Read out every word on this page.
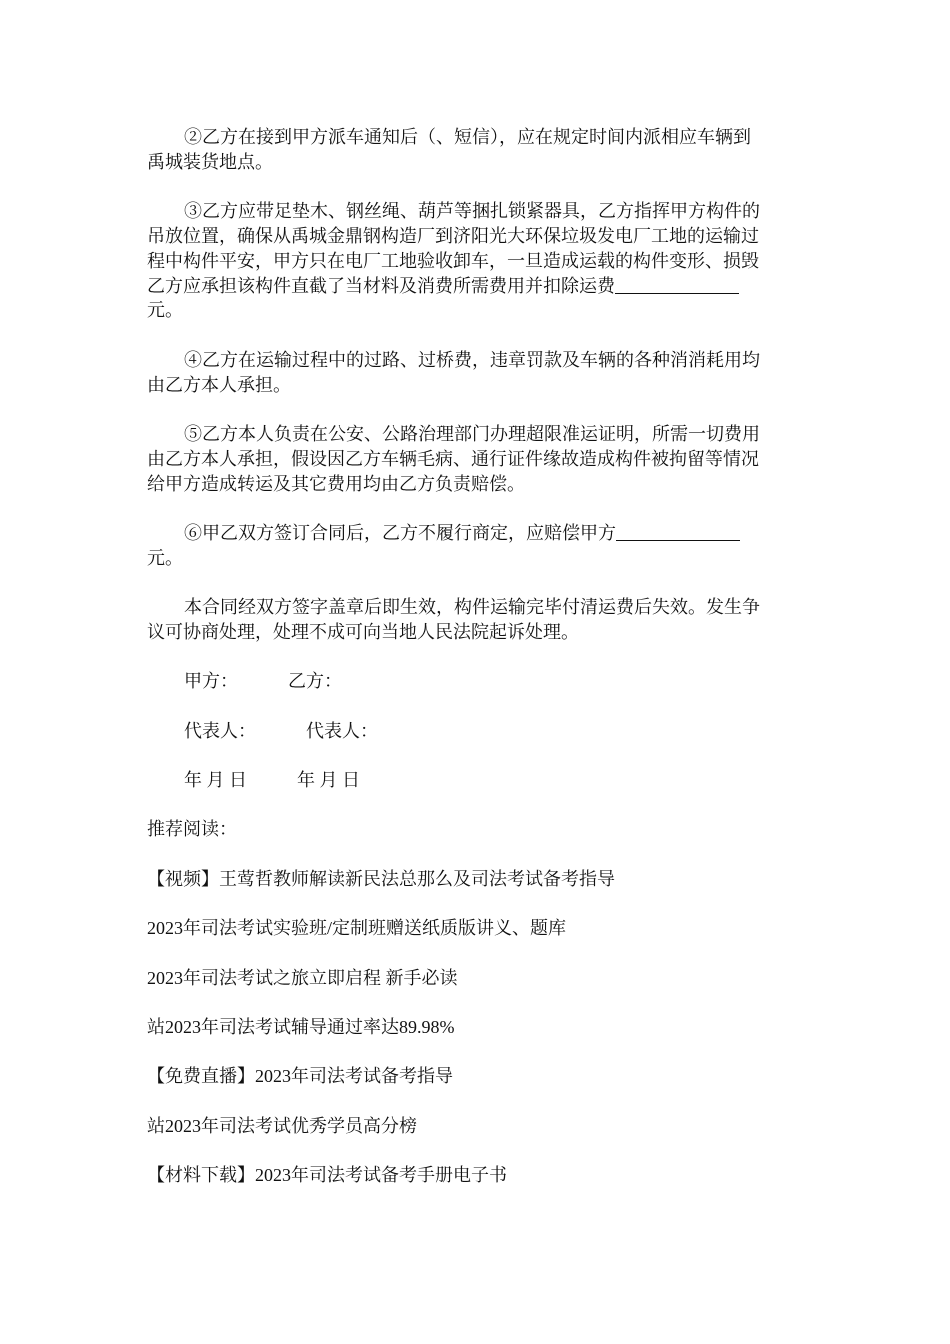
②乙方在接到甲方派车通知后（、短信），应在规定时间内派相应车辆到
禹城装货地点。
③乙方应带足垫木、钢丝绳、葫芦等捆扎锁紧器具，乙方指挥甲方构件的
吊放位置，确保从禹城金鼎钢构造厂到济阳光大环保垃圾发电厂工地的运输过
程中构件平安，甲方只在电厂工地验收卸车，一旦造成运载的构件变形、损毁
乙方应承担该构件直截了当材料及消费所需费用并扣除运费
元。
④乙方在运输过程中的过路、过桥费，违章罚款及车辆的各种消消耗用均
由乙方本人承担。
⑤乙方本人负责在公安、公路治理部门办理超限准运证明，所需一切费用
由乙方本人承担，假设因乙方车辆毛病、通行证件缘故造成构件被拘留等情况
给甲方造成转运及其它费用均由乙方负责赔偿。
⑥甲乙双方签订合同后，乙方不履行商定，应赔偿甲方
元。
本合同经双方签字盖章后即生效，构件运输完毕付清运费后失效。发生争
议可协商处理，处理不成可向当地人民法院起诉处理。
甲方：	乙方：
代表人：	代表人：
年 月 日	年 月 日
推荐阅读：
【视频】王莺哲教师解读新民法总那么及司法考试备考指导
2023年司法考试实验班/定制班赠送纸质版讲义、题库
2023年司法考试之旅立即启程 新手必读
站2023年司法考试辅导通过率达89.98%
【免费直播】2023年司法考试备考指导
站2023年司法考试优秀学员高分榜
【材料下载】2023年司法考试备考手册电子书
